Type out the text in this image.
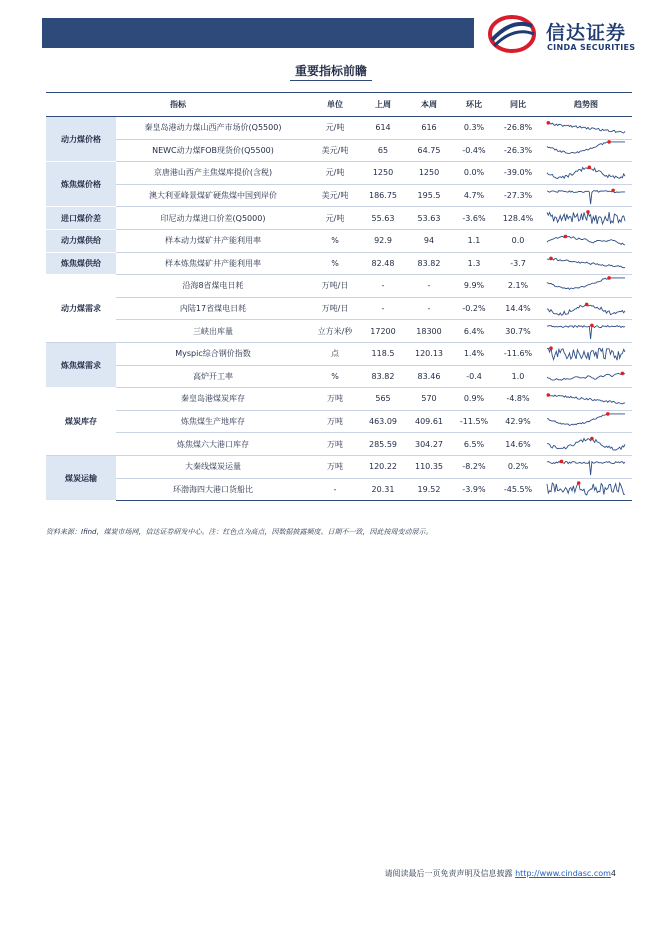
信达证券
CINDA SECURITIES
重要指标前瞻
指标		单位	上周	本周	环比	同比	趋势图
动力煤价格	秦皇岛港动力煤山西产市场价(Q5500)	元/吨	614	616	0.3%	-26.8%	

	NEWC动力煤FOB现货价(Q5500)	美元/吨	65	64.75	-0.4%	-26.3%	

炼焦煤价格	京唐港山西产主焦煤库提价(含税)	元/吨	1250	1250	0.0%	-39.0%	

	澳大利亚峰景煤矿硬焦煤中国到岸价	美元/吨	186.75	195.5	4.7%	-27.3%	

进口煤价差	印尼动力煤进口价差(Q5000)	元/吨	55.63	53.63	-3.6%	128.4%	

动力煤供给	样本动力煤矿井产能利用率	%	92.9	94	1.1	0.0	

炼焦煤供给	样本炼焦煤矿井产能利用率	%	82.48	83.82	1.3	-3.7	

动力煤需求	沿海8省煤电日耗	万吨/日	-	-	9.9%	2.1%	

	内陆17省煤电日耗	万吨/日	-	-	-0.2%	14.4%	

	三峡出库量	立方米/秒	17200	18300	6.4%	30.7%	

炼焦煤需求	Myspic综合钢价指数	点	118.5	120.13	1.4%	-11.6%	

	高炉开工率	%	83.82	83.46	-0.4	1.0	

煤炭库存	秦皇岛港煤炭库存	万吨	565	570	0.9%	-4.8%	

	炼焦煤生产地库存	万吨	463.09	409.61	-11.5%	42.9%	

	炼焦煤六大港口库存	万吨	285.59	304.27	6.5%	14.6%	

煤炭运输	大秦线煤炭运量	万吨	120.22	110.35	-8.2%	0.2%	

	环渤海四大港口货船比	-	20.31	19.52	-3.9%	-45.5%	
资料来源：Ifind，煤炭市场网，信达证券研发中心。注：红色点为高点，因数据披露频度、日期不一致，因此按周变动展示。
请阅读最后一页免责声明及信息披露 http://www.cindasc.com4
